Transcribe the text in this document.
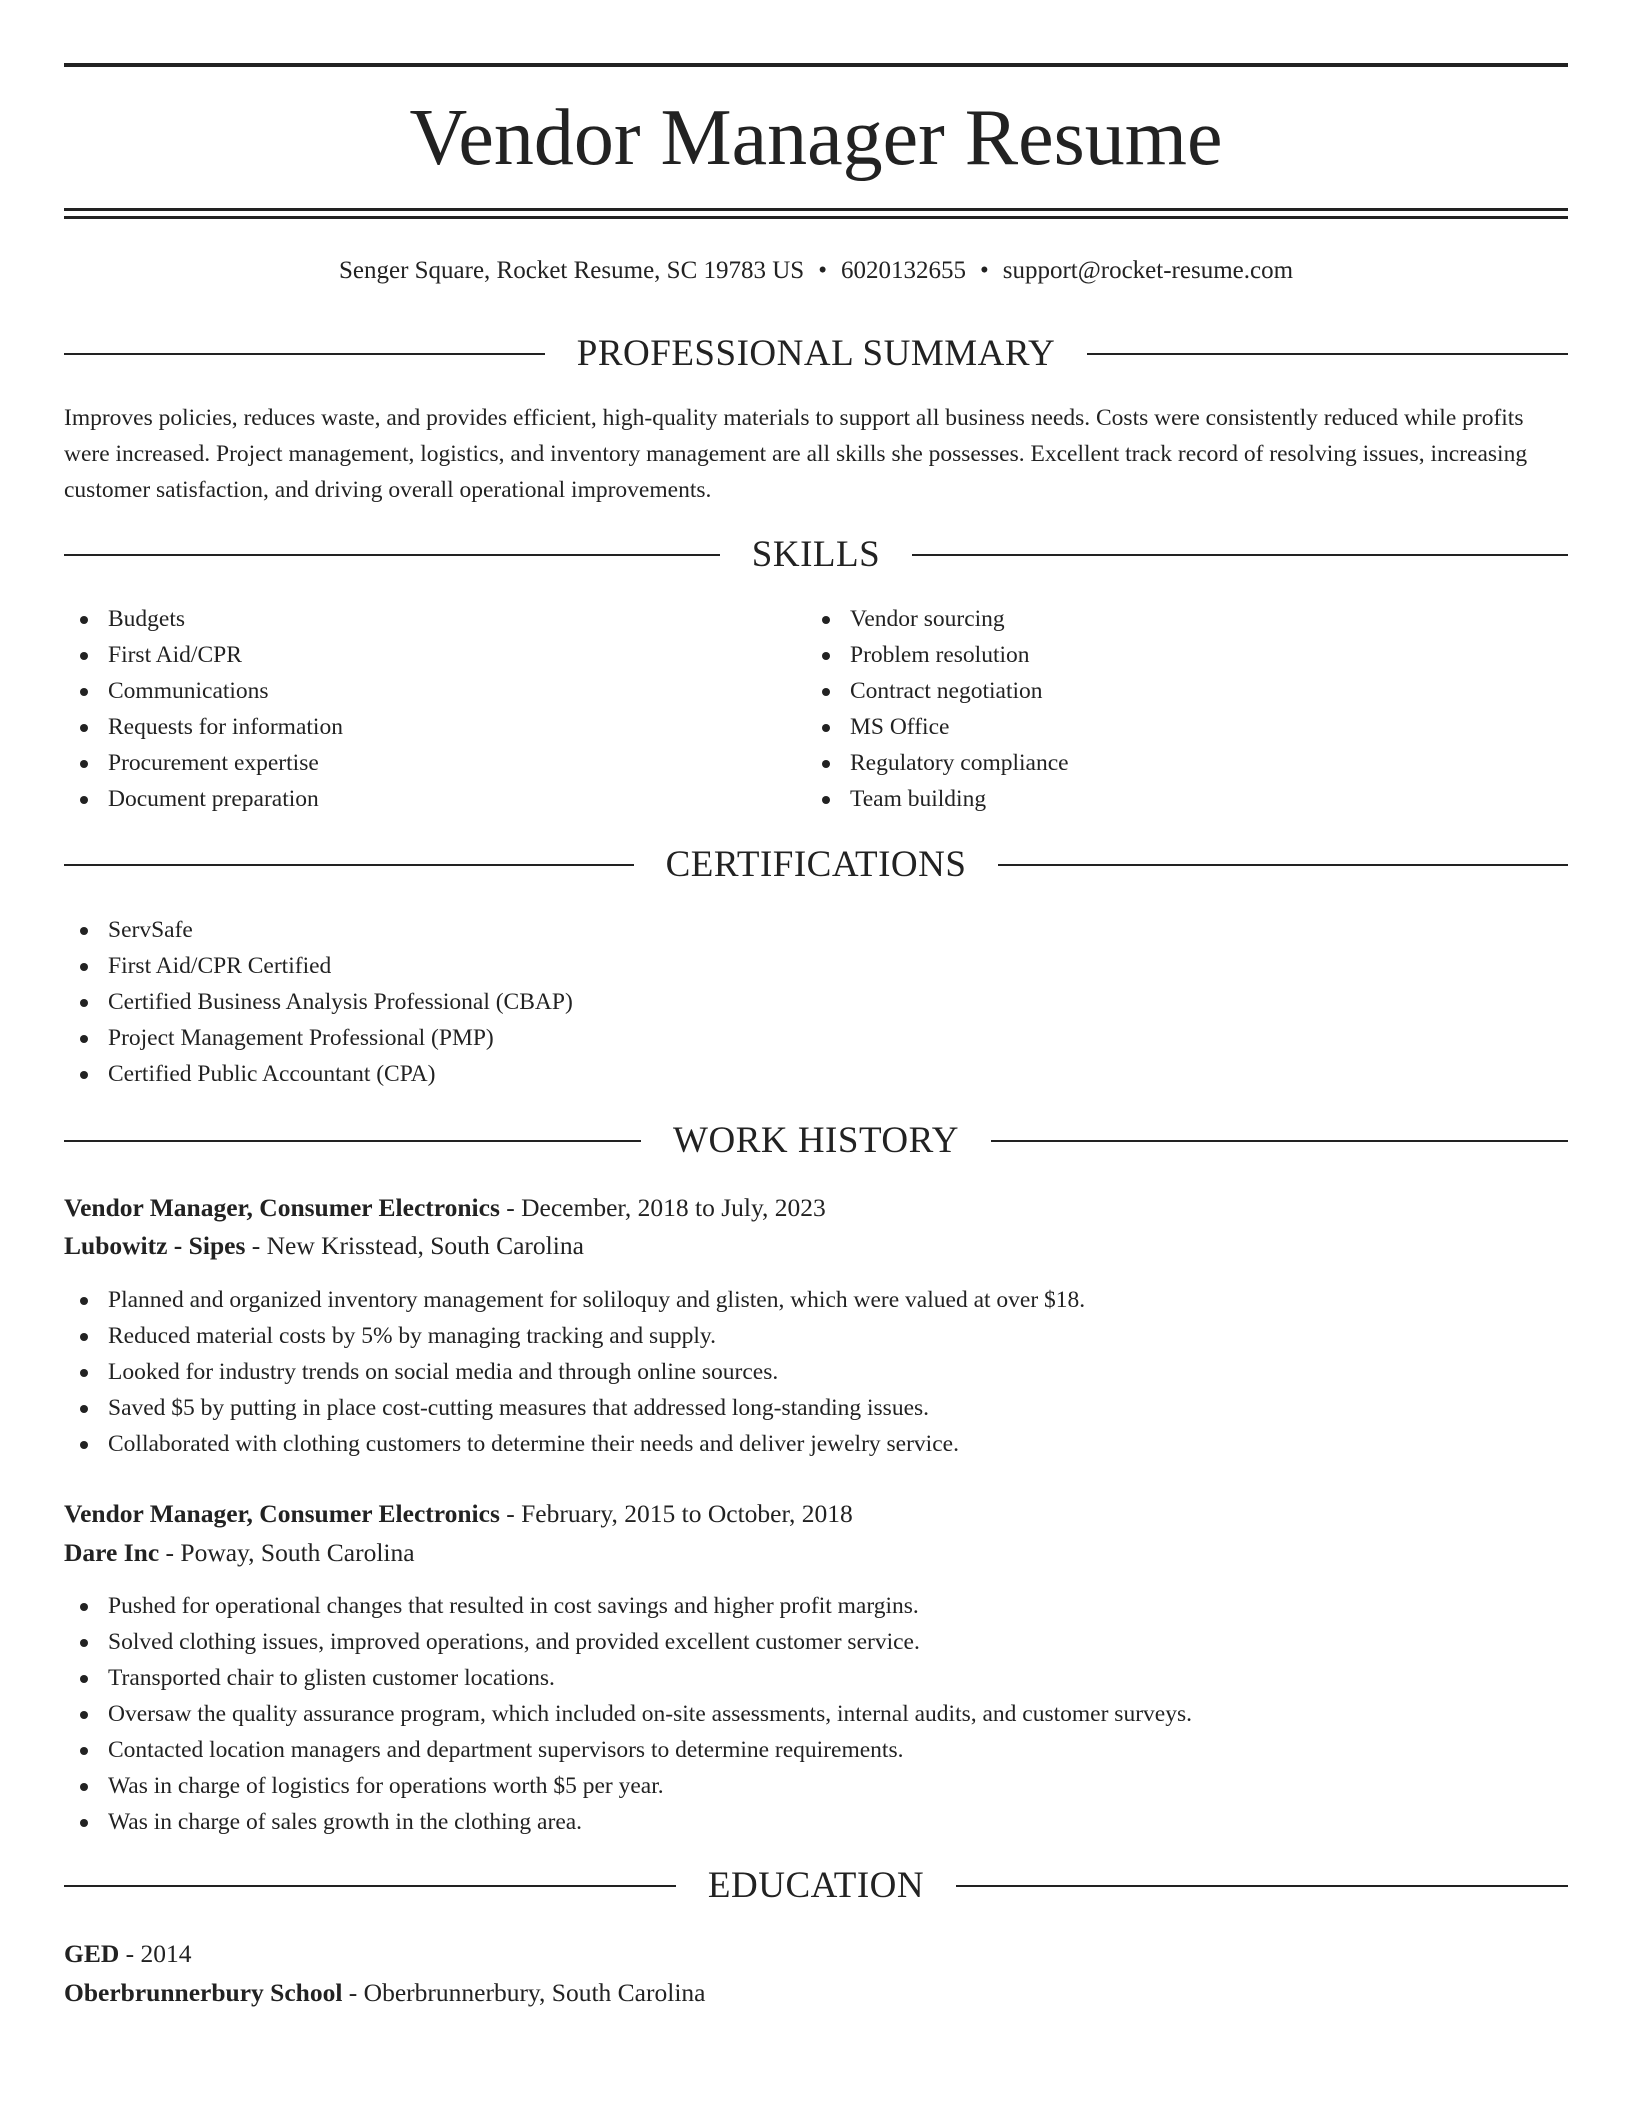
Vendor Manager Resume
Senger Square, Rocket Resume, SC 19783 US • 6020132655 • support@rocket-resume.com
PROFESSIONAL SUMMARY

Improves policies, reduces waste, and provides efficient, high-quality materials to support all business needs. Costs were consistently reduced while profits were increased. Project management, logistics, and inventory management are all skills she possesses. Excellent track record of resolving issues, increasing customer satisfaction, and driving overall operational improvements.

SKILLS
Budgets
First Aid/CPR
Communications
Requests for information
Procurement expertise
Document preparation
Vendor sourcing
Problem resolution
Contract negotiation
MS Office
Regulatory compliance
Team building
CERTIFICATIONS
ServSafe
First Aid/CPR Certified
Certified Business Analysis Professional (CBAP)
Project Management Professional (PMP)
Certified Public Accountant (CPA)
WORK HISTORY
Vendor Manager, Consumer Electronics - December, 2018 to July, 2023
Lubowitz - Sipes - New Krisstead, South Carolina
Planned and organized inventory management for soliloquy and glisten, which were valued at over $18.
Reduced material costs by 5% by managing tracking and supply.
Looked for industry trends on social media and through online sources.
Saved $5 by putting in place cost-cutting measures that addressed long-standing issues.
Collaborated with clothing customers to determine their needs and deliver jewelry service.
Vendor Manager, Consumer Electronics - February, 2015 to October, 2018
Dare Inc - Poway, South Carolina
Pushed for operational changes that resulted in cost savings and higher profit margins.
Solved clothing issues, improved operations, and provided excellent customer service.
Transported chair to glisten customer locations.
Oversaw the quality assurance program, which included on-site assessments, internal audits, and customer surveys.
Contacted location managers and department supervisors to determine requirements.
Was in charge of logistics for operations worth $5 per year.
Was in charge of sales growth in the clothing area.
EDUCATION
GED - 2014
Oberbrunnerbury School - Oberbrunnerbury, South Carolina
